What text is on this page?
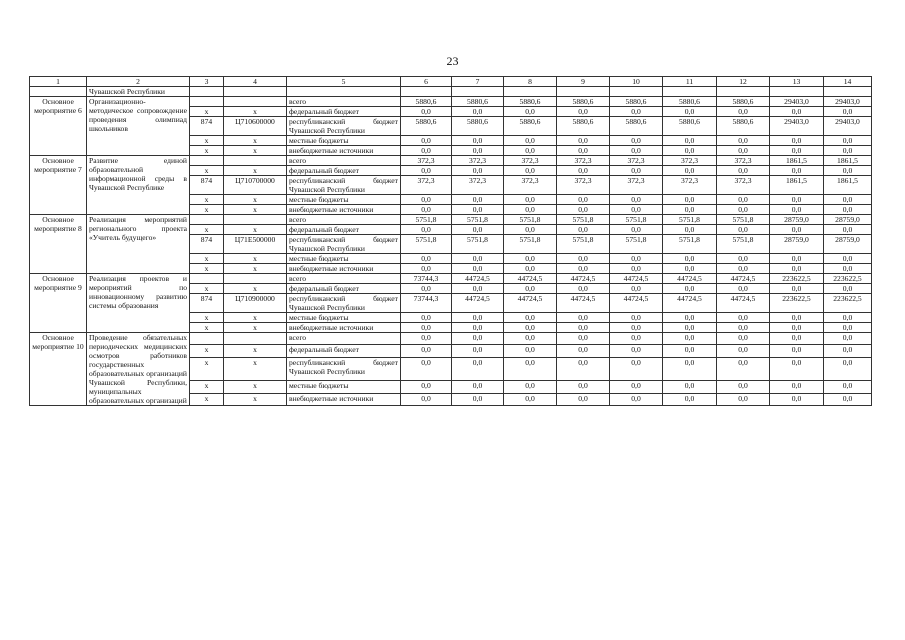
23
1	2	3	4	5	6	7	8	9	10	11	12	13	14
	Чувашской Республики												
Основное мероприятие 6	Организационно-методическое сопровождение проведения олимпиад школьников			всего	5880,6	5880,6	5880,6	5880,6	5880,6	5880,6	5880,6	29403,0	29403,0
		x	x	федеральный бюджет	0,0	0,0	0,0	0,0	0,0	0,0	0,0	0,0	0,0
		874	Ц710600000	республиканский бюджет Чувашской Республики	5880,6	5880,6	5880,6	5880,6	5880,6	5880,6	5880,6	29403,0	29403,0
		x	x	местные бюджеты	0,0	0,0	0,0	0,0	0,0	0,0	0,0	0,0	0,0
		x	x	внебюджетные источники	0,0	0,0	0,0	0,0	0,0	0,0	0,0	0,0	0,0
Основное мероприятие 7	Развитие единой образовательной информационной среды в Чувашской Республике			всего	372,3	372,3	372,3	372,3	372,3	372,3	372,3	1861,5	1861,5
		x	x	федеральный бюджет	0,0	0,0	0,0	0,0	0,0	0,0	0,0	0,0	0,0
		874	Ц710700000	республиканский бюджет Чувашской Республики	372,3	372,3	372,3	372,3	372,3	372,3	372,3	1861,5	1861,5
		x	x	местные бюджеты	0,0	0,0	0,0	0,0	0,0	0,0	0,0	0,0	0,0
		x	x	внебюджетные источники	0,0	0,0	0,0	0,0	0,0	0,0	0,0	0,0	0,0
Основное мероприятие 8	Реализация мероприятий регионального проекта «Учитель будущего»			всего	5751,8	5751,8	5751,8	5751,8	5751,8	5751,8	5751,8	28759,0	28759,0
		x	x	федеральный бюджет	0,0	0,0	0,0	0,0	0,0	0,0	0,0	0,0	0,0
		874	Ц71Е500000	республиканский бюджет Чувашской Республики	5751,8	5751,8	5751,8	5751,8	5751,8	5751,8	5751,8	28759,0	28759,0
		x	x	местные бюджеты	0,0	0,0	0,0	0,0	0,0	0,0	0,0	0,0	0,0
		x	x	внебюджетные источники	0,0	0,0	0,0	0,0	0,0	0,0	0,0	0,0	0,0
Основное мероприятие 9	Реализация проектов и мероприятий по инновационному развитию системы образования			всего	73744,3	44724,5	44724,5	44724,5	44724,5	44724,5	44724,5	223622,5	223622,5
		x	x	федеральный бюджет	0,0	0,0	0,0	0,0	0,0	0,0	0,0	0,0	0,0
		874	Ц710900000	республиканский бюджет Чувашской Республики	73744,3	44724,5	44724,5	44724,5	44724,5	44724,5	44724,5	223622,5	223622,5
		x	x	местные бюджеты	0,0	0,0	0,0	0,0	0,0	0,0	0,0	0,0	0,0
		x	x	внебюджетные источники	0,0	0,0	0,0	0,0	0,0	0,0	0,0	0,0	0,0
Основное мероприятие 10	Проведение обязательных периодических медицинских осмотров работников государственных образовательных организаций Чувашской Республики, муниципальных образовательных организаций			всего	0,0	0,0	0,0	0,0	0,0	0,0	0,0	0,0	0,0
		x	x	федеральный бюджет	0,0	0,0	0,0	0,0	0,0	0,0	0,0	0,0	0,0
		x	x	республиканский бюджет Чувашской Республики	0,0	0,0	0,0	0,0	0,0	0,0	0,0	0,0	0,0
		x	x	местные бюджеты	0,0	0,0	0,0	0,0	0,0	0,0	0,0	0,0	0,0
		x	x	внебюджетные источники	0,0	0,0	0,0	0,0	0,0	0,0	0,0	0,0	0,0
